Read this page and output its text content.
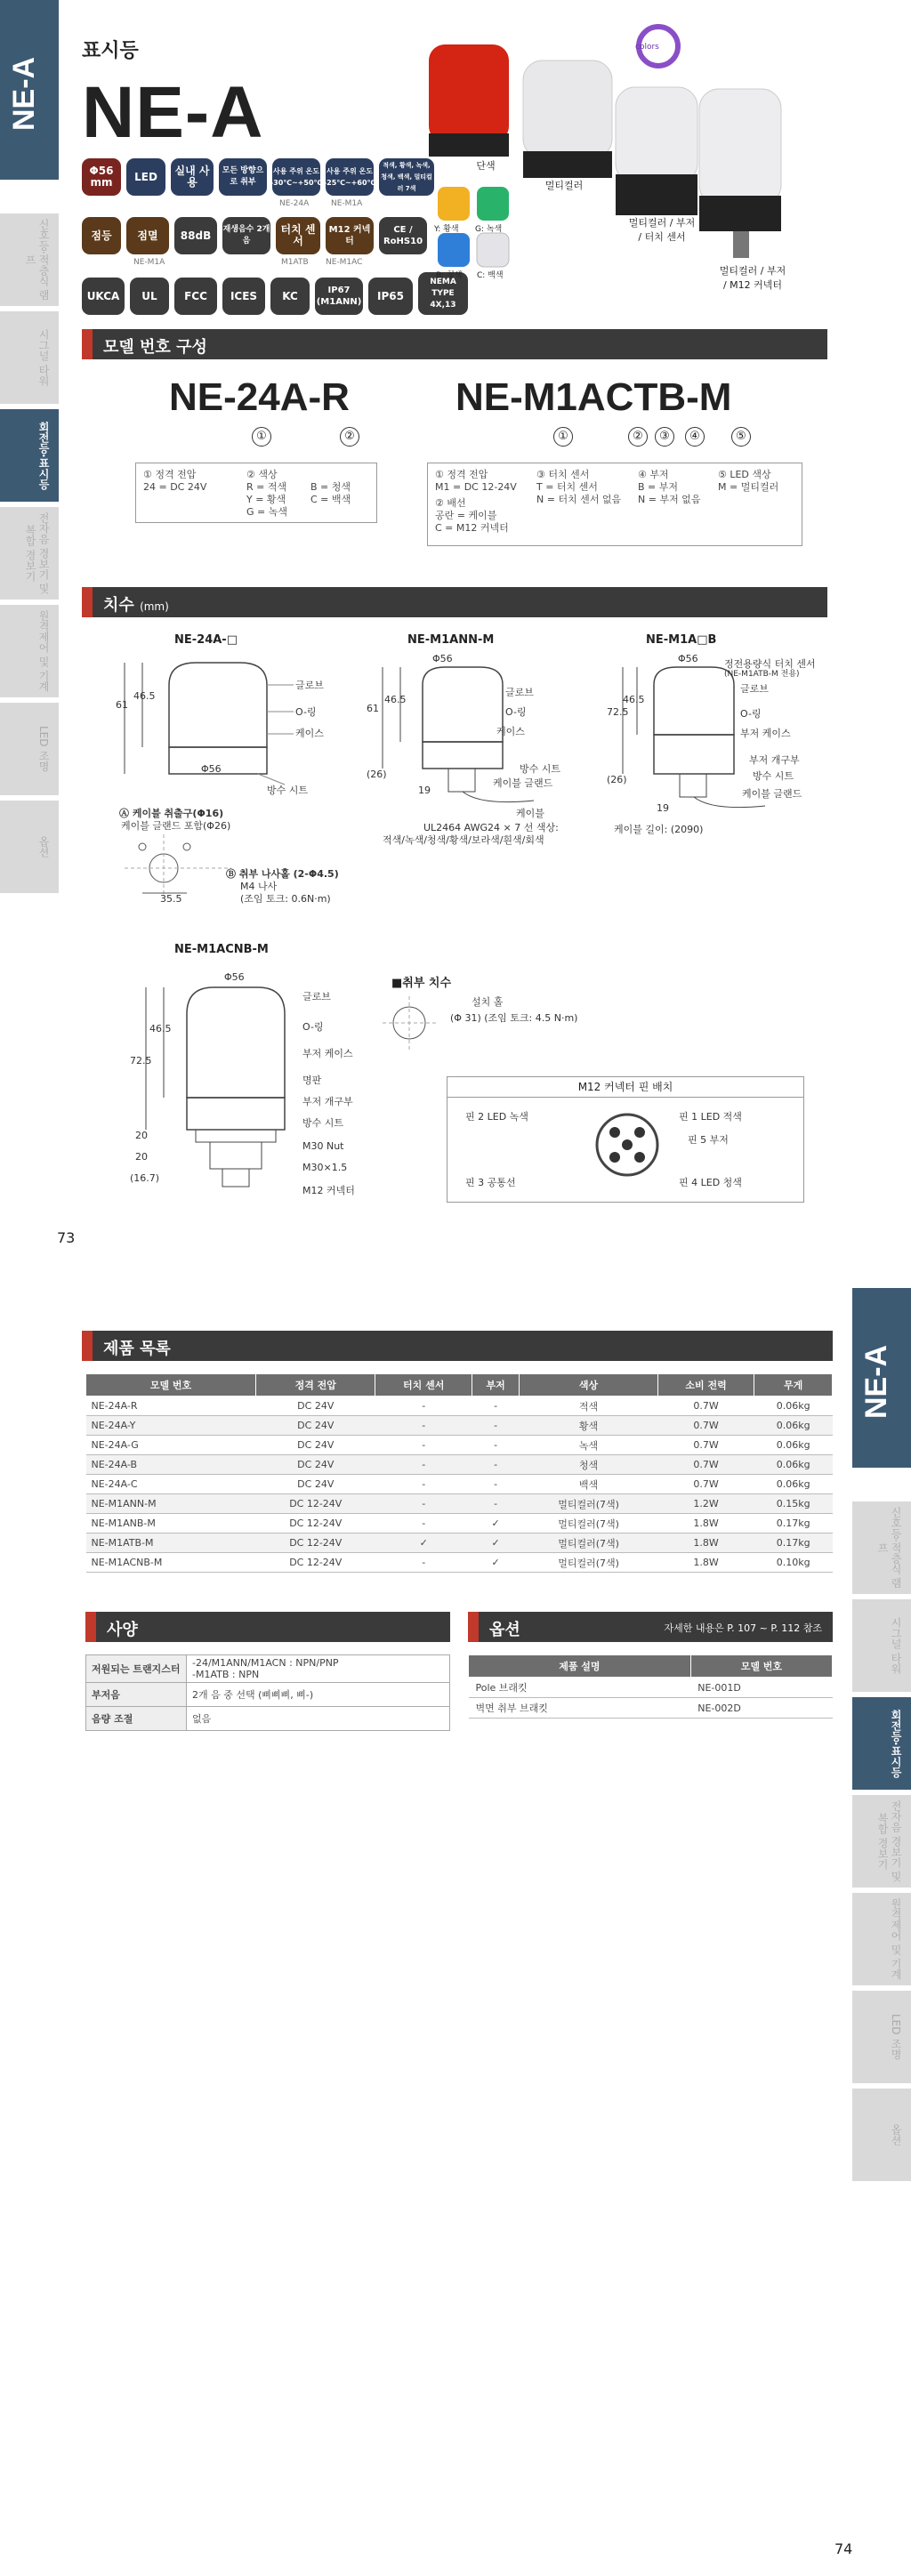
NE-A
신호등·적층식 램프
시그널 타워
회전등·표시등
전자음 경보기 및 복합 경보기
원격제어 및 기계
LED 조명
옵션
표시등
NE-A
Φ56 mm	LED	실내 사용
모든 방향으로 취부
사용 주위 온도 -30℃~+50℃
사용 주위 온도 -25℃~+60℃
적색, 황색, 녹색, 청색, 백색, 멀티컬러 7색
NE-24A	NE-M1A
점등	점멸	88dB	재생음수 2개 음
터치 센서
M12 커넥터
CE / RoHS10
NE-M1A	M1ATB NE-M1AC
UKCA	UL	FCC	ICES	KC	IP67 (M1ANN)	IP65
NEMA TYPE 4X,13
colors
단색
멀티컬러
멀티컬러 / 부저 / 터치 센서
멀티컬러 / 부저 / M12 커넥터
Y: 황색 G: 녹색
B: 청색 C: 백색
모델 번호 구성
NE-24A-R	NE-M1ACTB-M
①	②	①	②	③	④	⑤
① 정격 전압
24 = DC 24V
② 색상
R = 적색
Y = 황색
G = 녹색
B = 청색
C = 백색
① 정격 전압
M1 = DC 12-24V
② 배선
공란 = 케이블
C = M12 커넥터
③ 터치 센서
T = 터치 센서
N = 터치 센서 없음
④ 부저
B = 부저
N = 부저 없음
⑤ LED 색상
M = 멀티컬러
치수 (mm)
NE-24A-□
61
46.5
글로브
O-링
케이스
방수 시트
Φ56
Ⓐ 케이블 취출구(Φ16)
케이블 글랜드 포함(Φ26)
35.5
Ⓑ 취부 나사홀 (2-Φ4.5)
M4 나사
(조임 토크: 0.6N·m)
NE-M1ANN-M
Φ56
글로브
O-링
케이스
방수 시트
케이블 글랜드
케이블
61
46.5
(26)
19
UL2464 AWG24 × 7 선 색상:
적색/녹색/청색/황색/보라색/흰색/회색
NE-M1A□B
Φ56	정전용량식 터치 센서
(NE-M1ATB-M 전용)
글로브
O-링
부저 케이스
부저 개구부
방수 시트
케이블 글랜드
72.5
46.5
(26)
19
케이블 길이: (2090)
NE-M1ACNB-M
Φ56
글로브
O-링
부저 케이스
명판
부저 개구부
방수 시트
M30 Nut
M30×1.5
M12 커넥터
72.5
46.5
20
20
(16.7)
■취부 치수
설치 홀
(Φ 31) (조임 토크: 4.5 N·m)
M12 커넥터 핀 배치
핀 2 LED 녹색	핀 1 LED 적색
핀 5 부저
핀 3 공통선	핀 4 LED 청색
73
NE-A
신호등·적층식 램프
시그널 타워
회전등·표시등
전자음 경보기 및 복합 경보기
원격제어 및 기계
LED 조명
옵션
제품 목록
모델 번호	정격 전압	터치 센서	부저	색상	소비 전력	무게
NE-24A-R	DC 24V	-	-	적색	0.7W	0.06kg
NE-24A-Y	DC 24V	-	-	황색	0.7W	0.06kg
NE-24A-G	DC 24V	-	-	녹색	0.7W	0.06kg
NE-24A-B	DC 24V	-	-	청색	0.7W	0.06kg
NE-24A-C	DC 24V	-	-	백색	0.7W	0.06kg
NE-M1ANN-M	DC 12-24V	-	-	멀티컬러(7색)	1.2W	0.15kg
NE-M1ANB-M	DC 12-24V	-	✓	멀티컬러(7색)	1.8W	0.17kg
NE-M1ATB-M	DC 12-24V	✓	✓	멀티컬러(7색)	1.8W	0.17kg
NE-M1ACNB-M	DC 12-24V	-	✓	멀티컬러(7색)	1.8W	0.10kg
사양
저원되는 트랜지스터	-24/M1ANN/M1ACN : NPN/PNP
-M1ATB : NPN
부저음	2개 음 중 선택 (삐삐삐, 삐-)
음량 조절	없음
옵션	자세한 내용은 P. 107 ~ P. 112 참조
제품 설명	모델 번호
Pole 브래킷	NE-001D
벽면 취부 브래킷	NE-002D
74
